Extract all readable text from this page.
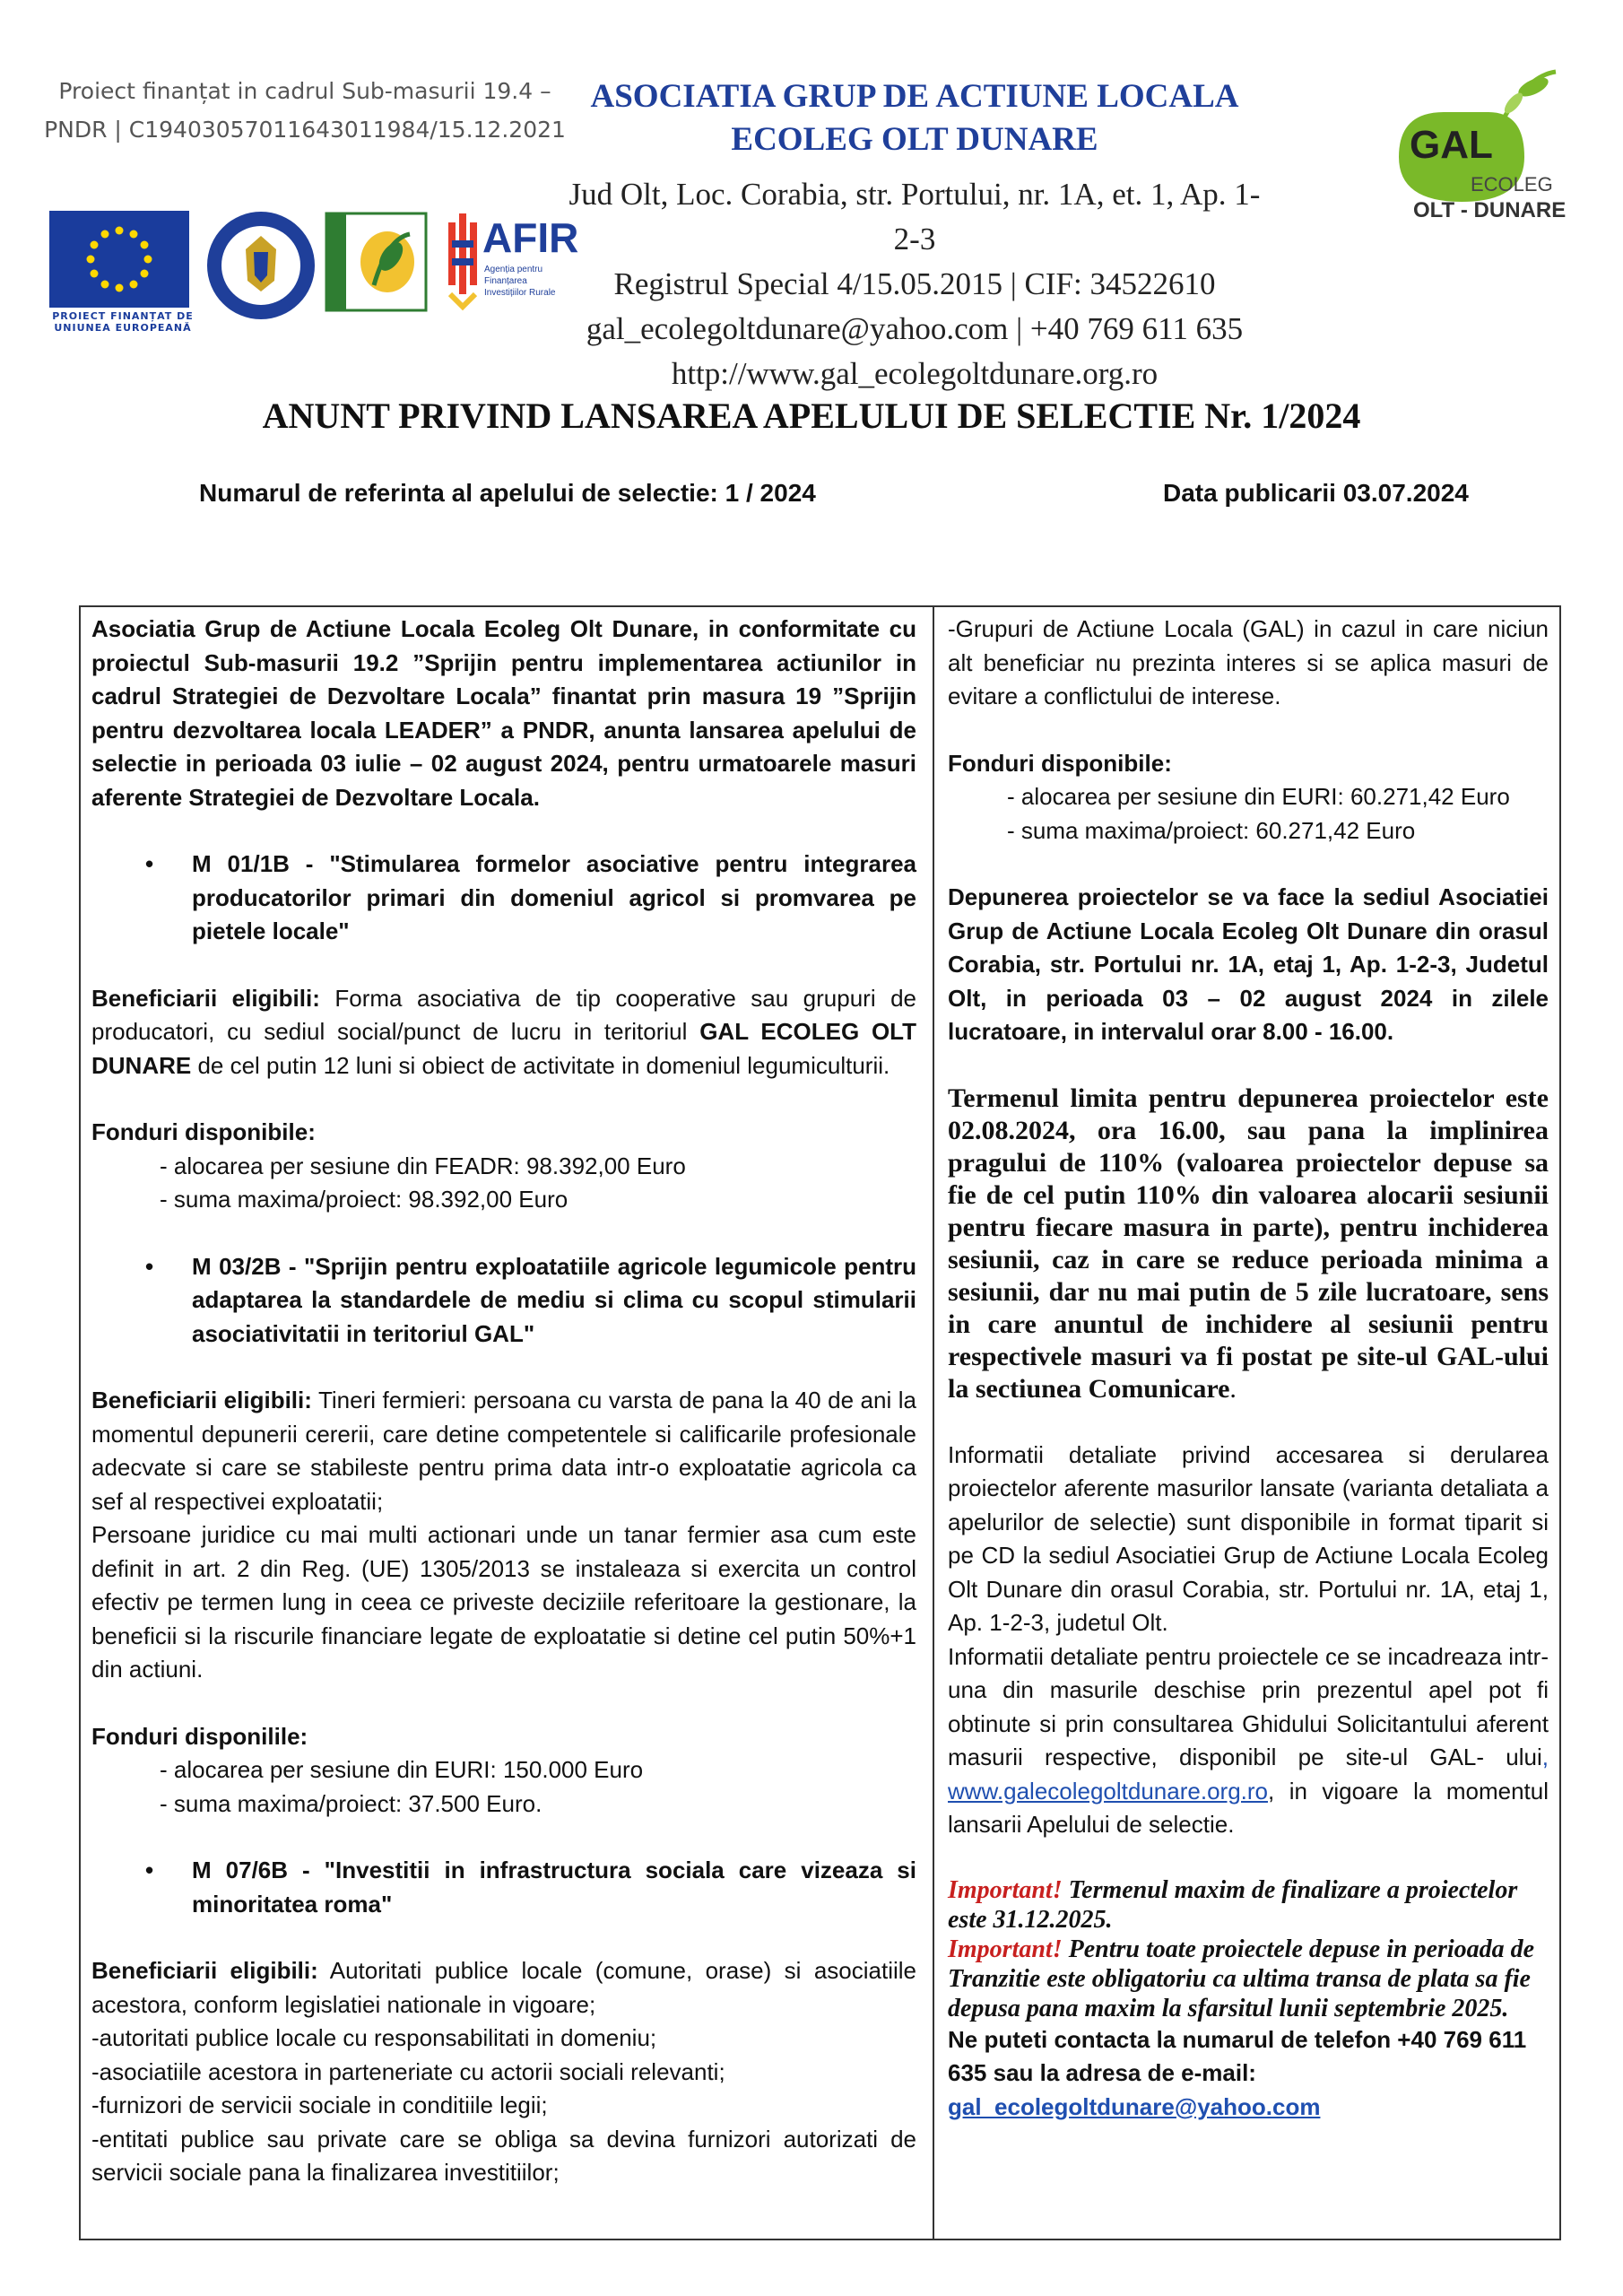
Proiect finanțat in cadrul Sub-masurii 19.4 –
PNDR | C19403057011643011984/15.12.2021
ASOCIATIA GRUP DE ACTIUNE LOCALA
ECOLEG OLT DUNARE
Jud Olt, Loc. Corabia, str. Portului, nr. 1A, et. 1, Ap. 1-2-3
Registrul Special 4/15.05.2015 | CIF: 34522610
gal_ecolegoltdunare@yahoo.com | +40 769 611 635
http://www.gal_ecolegoltdunare.org.ro
PROIECT FINANȚAT DE
UNIUNEA EUROPEANĂ
AFIR
Agenția pentru Finanțarea
Investițiilor Rurale
GAL
ECOLEG
OLT - DUNARE
ANUNT PRIVIND LANSAREA APELULUI DE SELECTIE Nr. 1/2024
Numarul de referinta al apelului de selectie: 1 / 2024	Data publicarii 03.07.2024

Asociatia Grup de Actiune Locala Ecoleg Olt Dunare, in conformitate cu proiectul Sub-masurii 19.2 ”Sprijin pentru implementarea actiunilor in cadrul Strategiei de Dezvoltare Locala” finantat prin masura 19 ”Sprijin pentru dezvoltarea locala LEADER” a PNDR, anunta lansarea apelului de selectie in perioada 03 iulie – 02 august 2024, pentru urmatoarele masuri aferente Strategiei de Dezvoltare Locala.

• M 01/1B - "Stimularea formelor asociative pentru integrarea producatorilor primari din domeniul agricol si promvarea pe pietele locale"

Beneficiarii eligibili: Forma asociativa de tip cooperative sau grupuri de producatori, cu sediul social/punct de lucru in teritoriul GAL ECOLEG OLT DUNARE de cel putin 12 luni si obiect de activitate in domeniul legumiculturii.

Fonduri disponibile:

- alocarea per sesiune din FEADR: 98.392,00 Euro

- suma maxima/proiect: 98.392,00 Euro

• M 03/2B - "Sprijin pentru exploatatiile agricole legumicole pentru adaptarea la standardele de mediu si clima cu scopul stimularii asociativitatii in teritoriul GAL"

Beneficiarii eligibili: Tineri fermieri: persoana cu varsta de pana la 40 de ani la momentul depunerii cererii, care detine competentele si calificarile profesionale adecvate si care se stabileste pentru prima data intr-o exploatatie agricola ca sef al respectivei exploatatii;

Persoane juridice cu mai multi actionari unde un tanar fermier asa cum este definit in art. 2 din Reg. (UE) 1305/2013 se instaleaza si exercita un control efectiv pe termen lung in ceea ce priveste deciziile referitoare la gestionare, la beneficii si la riscurile financiare legate de exploatatie si detine cel putin 50%+1 din actiuni.

Fonduri disponilile:

- alocarea per sesiune din EURI: 150.000 Euro

- suma maxima/proiect: 37.500 Euro.

• M 07/6B - "Investitii in infrastructura sociala care vizeaza si minoritatea roma"

Beneficiarii eligibili: Autoritati publice locale (comune, orase) si asociatiile acestora, conform legislatiei nationale in vigoare;

-autoritati publice locale cu responsabilitati in domeniu;

-asociatiile acestora in parteneriate cu actorii sociali relevanti;

-furnizori de servicii sociale in conditiile legii;

-entitati publice sau private care se obliga sa devina furnizori autorizati de servicii sociale pana la finalizarea investitiilor;

-Grupuri de Actiune Locala (GAL) in cazul in care niciun alt beneficiar nu prezinta interes si se aplica masuri de evitare a conflictului de interese.

Fonduri disponibile:

- alocarea per sesiune din EURI: 60.271,42 Euro

- suma maxima/proiect: 60.271,42 Euro

Depunerea proiectelor se va face la sediul Asociatiei Grup de Actiune Locala Ecoleg Olt Dunare din orasul Corabia, str. Portului nr. 1A, etaj 1, Ap. 1-2-3, Judetul Olt, in perioada 03 – 02 august 2024 in zilele lucratoare, in intervalul orar 8.00 - 16.00.

Termenul limita pentru depunerea proiectelor este 02.08.2024, ora 16.00, sau pana la implinirea pragului de 110% (valoarea proiectelor depuse sa fie de cel putin 110% din valoarea alocarii sesiunii pentru fiecare masura in parte), pentru inchiderea sesiunii, caz in care se reduce perioada minima a sesiunii, dar nu mai putin de 5 zile lucratoare, sens in care anuntul de inchidere al sesiunii pentru respectivele masuri va fi postat pe site-ul GAL-ului la sectiunea Comunicare.

Informatii detaliate privind accesarea si derularea proiectelor aferente masurilor lansate (varianta detaliata a apelurilor de selectie) sunt disponibile in format tiparit si pe CD la sediul Asociatiei Grup de Actiune Locala Ecoleg Olt Dunare din orasul Corabia, str. Portului nr. 1A, etaj 1, Ap. 1-2-3, judetul Olt.

Informatii detaliate pentru proiectele ce se incadreaza intr-una din masurile deschise prin prezentul apel pot fi obtinute si prin consultarea Ghidului Solicitantului aferent masurii respective, disponibil pe site-ul GAL- ului, www.galecolegoltdunare.org.ro, in vigoare la momentul lansarii Apelului de selectie.

Important! Termenul maxim de finalizare a proiectelor este 31.12.2025.

Important! Pentru toate proiectele depuse in perioada de Tranzitie este obligatoriu ca ultima transa de plata sa fie depusa pana maxim la sfarsitul lunii septembrie 2025.

Ne puteti contacta la numarul de telefon +40 769 611 635 sau la adresa de e-mail:

gal_ecolegoltdunare@yahoo.com
